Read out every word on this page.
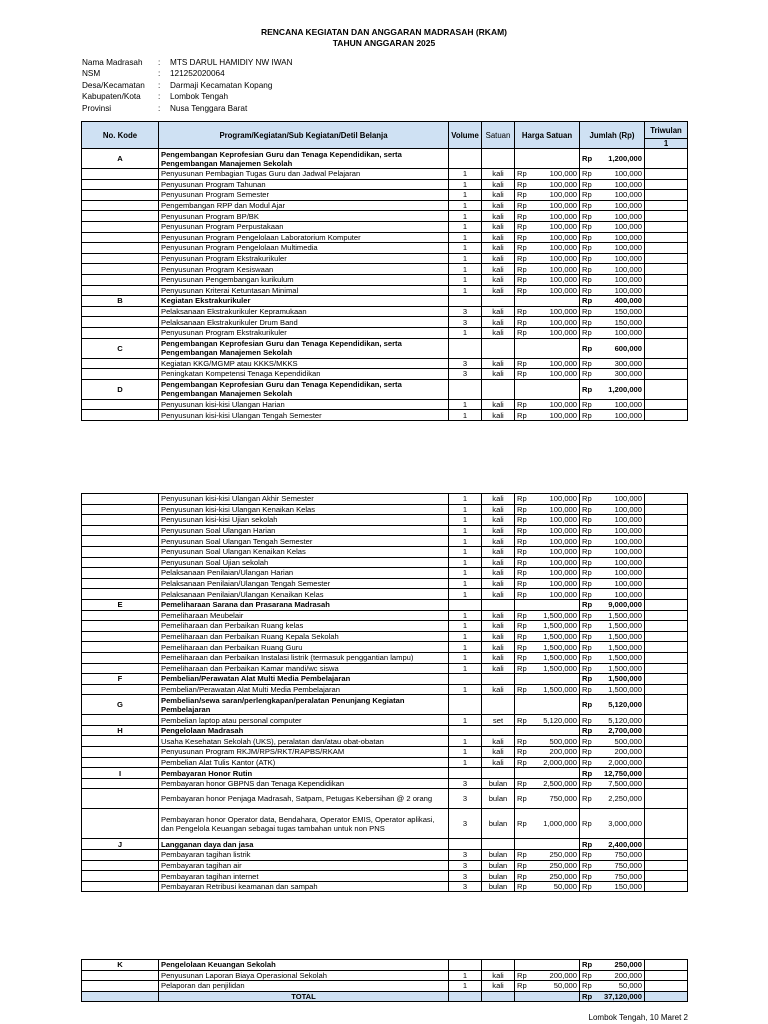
RENCANA KEGIATAN DAN ANGGARAN MADRASAH (RKAM)
TAHUN ANGGARAN 2025
Nama Madrasah	:	MTS DARUL HAMIDIY NW IWAN
NSM	:	121252020064
Desa/Kecamatan	:	Darmaji Kecamatan Kopang
Kabupaten/Kota	:	Lombok Tengah
Provinsi	:	Nusa Tenggara Barat
No. Kode	Program/Kegiatan/Sub Kegiatan/Detil Belanja	Volume	Satuan	Harga Satuan		Jumlah (Rp)		Triwulan
								1
A	Pengembangan Keprofesian Guru dan Tenaga Kependidikan, serta Pengembangan Manajemen Sekolah					Rp	1,200,000	
	Penyusunan Pembagian Tugas Guru dan Jadwal Pelajaran	1	kali	Rp	100,000	Rp	100,000	
	Penyusunan Program Tahunan	1	kali	Rp	100,000	Rp	100,000	
	Penyusunan Program Semester	1	kali	Rp	100,000	Rp	100,000	
	Pengembangan RPP dan Modul Ajar	1	kali	Rp	100,000	Rp	100,000	
	Penyusunan Program BP/BK	1	kali	Rp	100,000	Rp	100,000	
	Penyusunan Program Perpustakaan	1	kali	Rp	100,000	Rp	100,000	
	Penyusunan Program Pengelolaan Laboratorium Komputer	1	kali	Rp	100,000	Rp	100,000	
	Penyusunan Program Pengelolaan Multimedia	1	kali	Rp	100,000	Rp	100,000	
	Penyusunan Program Ekstrakurikuler	1	kali	Rp	100,000	Rp	100,000	
	Penyusunan Program Kesiswaan	1	kali	Rp	100,000	Rp	100,000	
	Penyusunan Pengembangan kurikulum	1	kali	Rp	100,000	Rp	100,000	
	Penyusunan Kriterai Ketuntasan Minimal	1	kali	Rp	100,000	Rp	100,000	
B	Kegiatan Ekstrakurikuler					Rp	400,000	
	Pelaksanaan Ekstrakurikuler Kepramukaan	3	kali	Rp	100,000	Rp	150,000	
	Pelaksanaan Ekstrakurikuler Drum Band	3	kali	Rp	100,000	Rp	150,000	
	Penyusunan Program Ekstrakurikuler	1	kali	Rp	100,000	Rp	100,000	
C	Pengembangan Keprofesian Guru dan Tenaga Kependidikan, serta Pengembangan Manajemen Sekolah					Rp	600,000	
	Kegiatan KKG/MGMP atau KKKS/MKKS	3	kali	Rp	100,000	Rp	300,000	
	Peningkatan Kompetensi Tenaga Kependidikan	3	kali	Rp	100,000	Rp	300,000	
D	Pengembangan Keprofesian Guru dan Tenaga Kependidikan, serta Pengembangan Manajemen Sekolah					Rp	1,200,000	
	Penyusunan kisi-kisi Ulangan Harian	1	kali	Rp	100,000	Rp	100,000	
	Penyusunan kisi-kisi Ulangan Tengah Semester	1	kali	Rp	100,000	Rp	100,000	
	Penyusunan kisi-kisi Ulangan Akhir Semester	1	kali	Rp	100,000	Rp	100,000	
	Penyusunan kisi-kisi Ulangan Kenaikan Kelas	1	kali	Rp	100,000	Rp	100,000	
	Penyusunan kisi-kisi Ujian sekolah	1	kali	Rp	100,000	Rp	100,000	
	Penyusunan Soal Ulangan Harian	1	kali	Rp	100,000	Rp	100,000	
	Penyusunan Soal Ulangan Tengah Semester	1	kali	Rp	100,000	Rp	100,000	
	Penyusunan Soal Ulangan Kenaikan Kelas	1	kali	Rp	100,000	Rp	100,000	
	Penyusunan Soal Ujian sekolah	1	kali	Rp	100,000	Rp	100,000	
	Pelaksanaan Penilaian/Ulangan Harian	1	kali	Rp	100,000	Rp	100,000	
	Pelaksanaan Penilaian/Ulangan Tengah Semester	1	kali	Rp	100,000	Rp	100,000	
	Pelaksanaan Penilaian/Ulangan Kenaikan Kelas	1	kali	Rp	100,000	Rp	100,000	
E	Pemeliharaan Sarana dan Prasarana Madrasah					Rp	9,000,000	
	Pemeliharaan Meubelair	1	kali	Rp	1,500,000	Rp	1,500,000	
	Pemeliharaan dan Perbaikan Ruang kelas	1	kali	Rp	1,500,000	Rp	1,500,000	
	Pemeliharaan dan Perbaikan Ruang Kepala Sekolah	1	kali	Rp	1,500,000	Rp	1,500,000	
	Pemeliharaan dan Perbaikan Ruang Guru	1	kali	Rp	1,500,000	Rp	1,500,000	
	Pemeliharaan dan Perbaikan Instalasi listrik (termasuk penggantian lampu)	1	kali	Rp	1,500,000	Rp	1,500,000	
	Pemeliharaan dan Perbaikan Kamar mandi/wc siswa	1	kali	Rp	1,500,000	Rp	1,500,000	
F	Pembelian/Perawatan Alat Multi Media Pembelajaran					Rp	1,500,000	
	Pembelian/Perawatan Alat Multi Media Pembelajaran	1	kali	Rp	1,500,000	Rp	1,500,000	
G	Pembelian/sewa saran/perlengkapan/peralatan Penunjang Kegiatan Pembelajaran					Rp	5,120,000	
	Pembelian laptop atau personal computer	1	set	Rp	5,120,000	Rp	5,120,000	
H	Pengelolaan Madrasah					Rp	2,700,000	
	Usaha Kesehatan Sekolah (UKS), peralatan dan/atau obat-obatan	1	kali	Rp	500,000	Rp	500,000	
	Penyusunan Program RKJM/RPS/RKT/RAPBS/RKAM	1	kali	Rp	200,000	Rp	200,000	
	Pembelian Alat Tulis Kantor (ATK)	1	kali	Rp	2,000,000	Rp	2,000,000	
I	Pembayaran Honor Rutin					Rp	12,750,000	
	Pembayaran honor GBPNS dan Tenaga Kependidikan	3	bulan	Rp	2,500,000	Rp	7,500,000	
	Pembayaran honor Penjaga Madrasah, Satpam, Petugas Kebersihan @ 2 orang	3	bulan	Rp	750,000	Rp	2,250,000	
	Pembayaran honor Operator data, Bendahara, Operator EMIS, Operator aplikasi, dan Pengelola Keuangan sebagai tugas tambahan untuk non PNS	3	bulan	Rp	1,000,000	Rp	3,000,000	
J	Langganan daya dan jasa					Rp	2,400,000	
	Pembayaran tagihan listrik	3	bulan	Rp	250,000	Rp	750,000	
	Pembayaran tagihan air	3	bulan	Rp	250,000	Rp	750,000	
	Pembayaran tagihan internet	3	bulan	Rp	250,000	Rp	750,000	
	Pembayaran Retribusi keamanan dan sampah	3	bulan	Rp	50,000	Rp	150,000	
K	Pengelolaan Keuangan Sekolah					Rp	250,000	
	Penyusunan Laporan Biaya Operasional Sekolah	1	kali	Rp	200,000	Rp	200,000	
	Pelaporan dan penjilidan	1	kali	Rp	50,000	Rp	50,000	
	TOTAL					Rp	37,120,000	
Lombok Tengah, 10 Maret 2
